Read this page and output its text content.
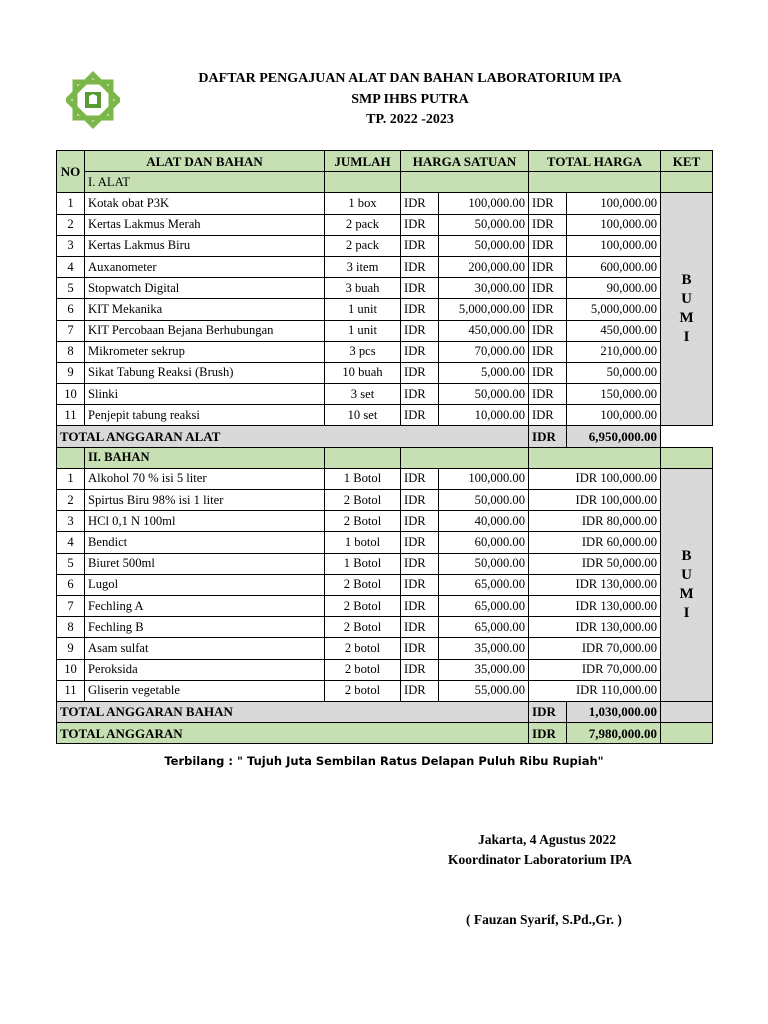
DAFTAR PENGAJUAN ALAT DAN BAHAN LABORATORIUM IPA
SMP IHBS PUTRA
TP. 2022 -2023
NO	ALAT DAN BAHAN	JUMLAH	HARGA SATUAN		TOTAL HARGA		KET
	I. ALAT						
1	Kotak obat P3K	1 box	IDR	100,000.00	IDR	100,000.00	B
U
M
I
2	Kertas Lakmus Merah	2 pack	IDR	50,000.00	IDR	100,000.00	
3	Kertas Lakmus Biru	2 pack	IDR	50,000.00	IDR	100,000.00	
4	Auxanometer	3 item	IDR	200,000.00	IDR	600,000.00	
5	Stopwatch Digital	3 buah	IDR	30,000.00	IDR	90,000.00	
6	KIT Mekanika	1 unit	IDR	5,000,000.00	IDR	5,000,000.00	
7	KIT Percobaan Bejana Berhubungan	1 unit	IDR	450,000.00	IDR	450,000.00	
8	Mikrometer sekrup	3 pcs	IDR	70,000.00	IDR	210,000.00	
9	Sikat Tabung Reaksi (Brush)	10 buah	IDR	5,000.00	IDR	50,000.00	
10	Slinki	3 set	IDR	50,000.00	IDR	150,000.00	
11	Penjepit tabung reaksi	10 set	IDR	10,000.00	IDR	100,000.00	
TOTAL ANGGARAN ALAT					IDR	6,950,000.00	
	II. BAHAN						
1	Alkohol 70 % isi 5 liter	1 Botol	IDR	100,000.00	IDR 100,000.00		B
U
M
I
2	Spirtus Biru 98% isi 1 liter	2 Botol	IDR	50,000.00	IDR 100,000.00		
3	HCl 0,1 N 100ml	2 Botol	IDR	40,000.00	IDR 80,000.00		
4	Bendict	1 botol	IDR	60,000.00	IDR 60,000.00		
5	Biuret 500ml	1 Botol	IDR	50,000.00	IDR 50,000.00		
6	Lugol	2 Botol	IDR	65,000.00	IDR 130,000.00		
7	Fechling A	2 Botol	IDR	65,000.00	IDR 130,000.00		
8	Fechling B	2 Botol	IDR	65,000.00	IDR 130,000.00		
9	Asam sulfat	2 botol	IDR	35,000.00	IDR 70,000.00		
10	Peroksida	2 botol	IDR	35,000.00	IDR 70,000.00		
11	Gliserin vegetable	2 botol	IDR	55,000.00	IDR 110,000.00		
TOTAL ANGGARAN BAHAN					IDR	1,030,000.00	
TOTAL ANGGARAN					IDR	7,980,000.00	
Terbilang : " Tujuh Juta Sembilan Ratus Delapan Puluh Ribu Rupiah"
Jakarta, 4 Agustus 2022
Koordinator Laboratorium IPA
( Fauzan Syarif, S.Pd.,Gr. )
